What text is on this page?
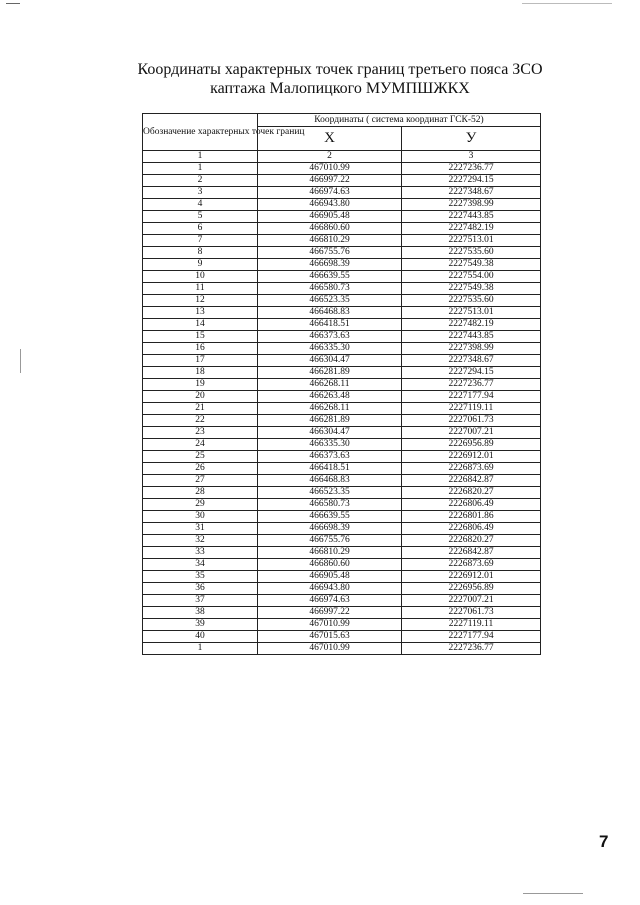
Координаты характерных точек границ третьего пояса ЗСО
каптажа Малопицкого МУМПШЖКХ
Обозначение характерных точек границ	Координаты ( система координат ГСК-52)	
	X	У
1	2	3
1	467010.99	2227236.77
2	466997.22	2227294.15
3	466974.63	2227348.67
4	466943.80	2227398.99
5	466905.48	2227443.85
6	466860.60	2227482.19
7	466810.29	2227513.01
8	466755.76	2227535.60
9	466698.39	2227549.38
10	466639.55	2227554.00
11	466580.73	2227549.38
12	466523.35	2227535.60
13	466468.83	2227513.01
14	466418.51	2227482.19
15	466373.63	2227443.85
16	466335.30	2227398.99
17	466304.47	2227348.67
18	466281.89	2227294.15
19	466268.11	2227236.77
20	466263.48	2227177.94
21	466268.11	2227119.11
22	466281.89	2227061.73
23	466304.47	2227007.21
24	466335.30	2226956.89
25	466373.63	2226912.01
26	466418.51	2226873.69
27	466468.83	2226842.87
28	466523.35	2226820.27
29	466580.73	2226806.49
30	466639.55	2226801.86
31	466698.39	2226806.49
32	466755.76	2226820.27
33	466810.29	2226842.87
34	466860.60	2226873.69
35	466905.48	2226912.01
36	466943.80	2226956.89
37	466974.63	2227007.21
38	466997.22	2227061.73
39	467010.99	2227119.11
40	467015.63	2227177.94
1	467010.99	2227236.77
7
